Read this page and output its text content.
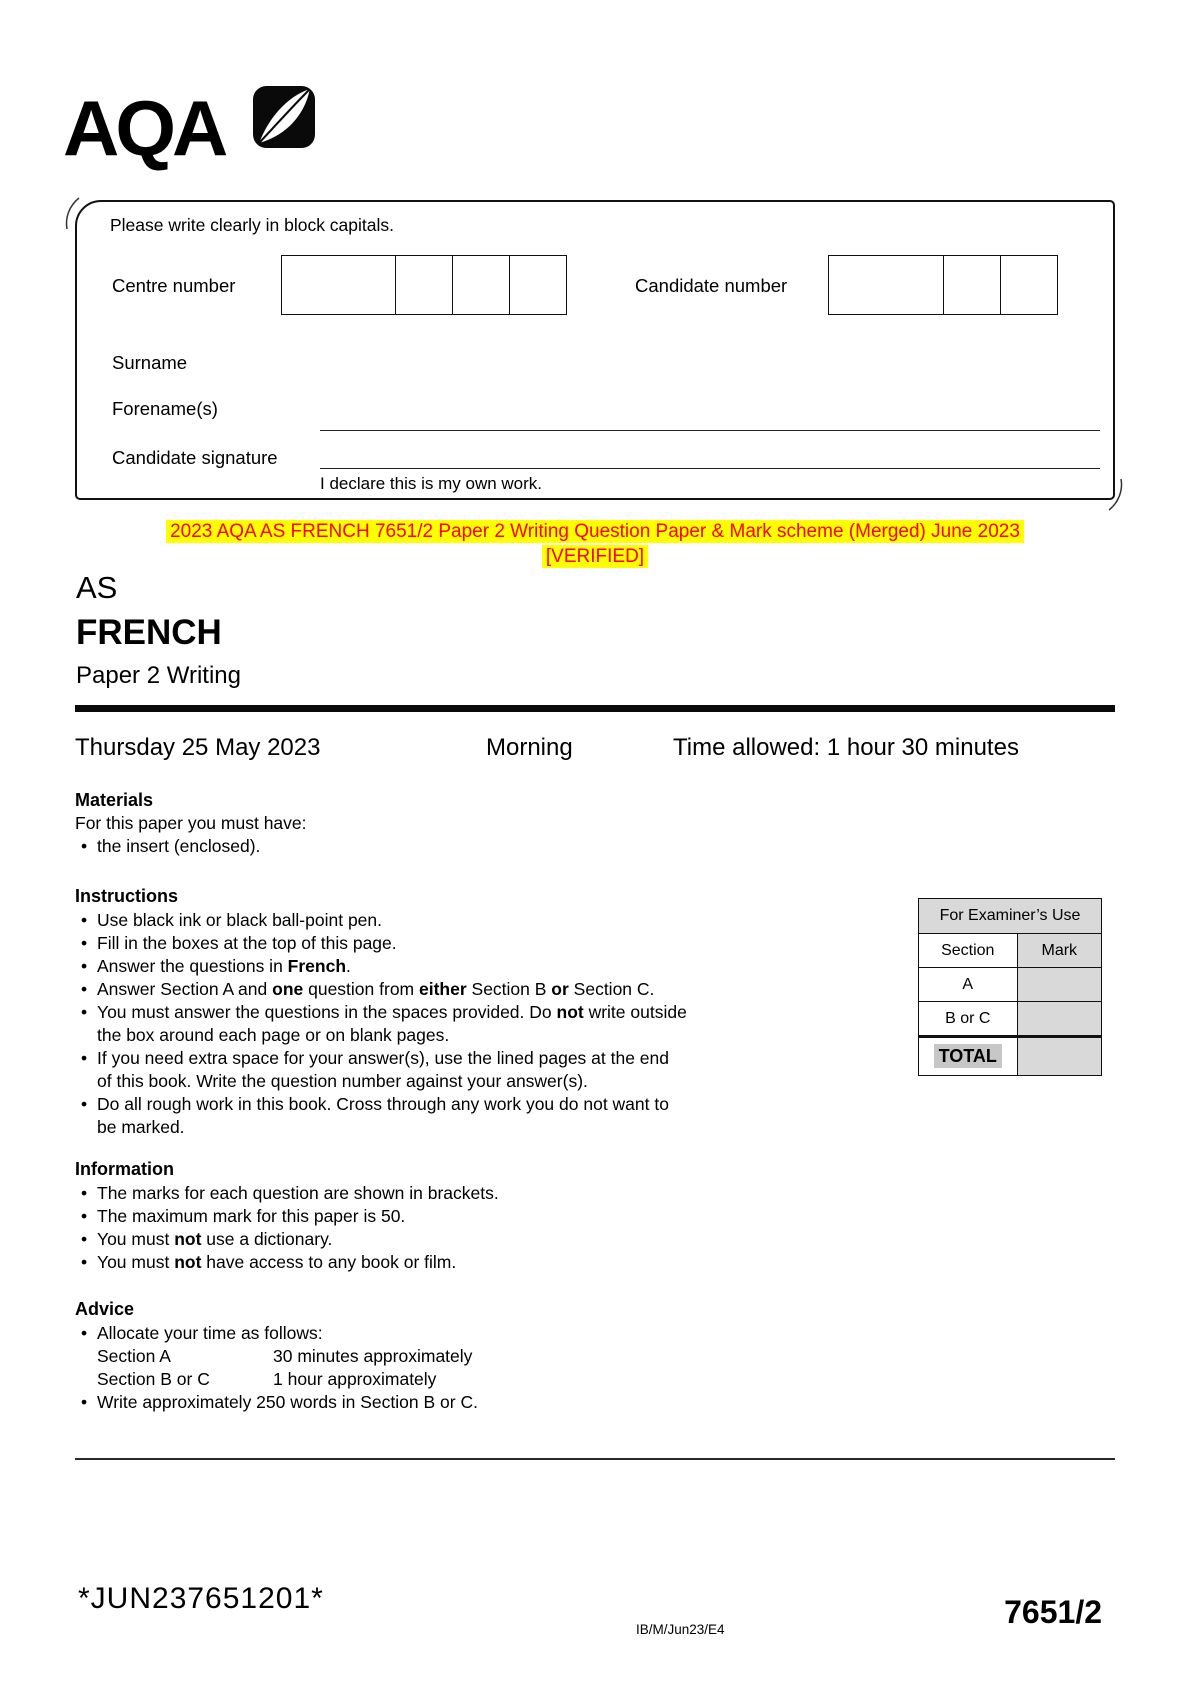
AQA
Please write clearly in block capitals.
Centre number	Candidate number
Surname
Forename(s)
Candidate signature
I declare this is my own work.
2023 AQA AS FRENCH 7651/2 Paper 2 Writing Question Paper & Mark scheme (Merged) June 2023
[VERIFIED]
AS
FRENCH
Paper 2 Writing
Thursday 25 May 2023	Morning	Time allowed: 1 hour 30 minutes
Materials

For this paper you must have:

• the insert (enclosed).
Instructions
• Use black ink or black ball-point pen.
• Fill in the boxes at the top of this page.
• Answer the questions in French.
• Answer Section A and one question from either Section B or Section C.
• You must answer the questions in the spaces provided. Do not write outside
the box around each page or on blank pages.
• If you need extra space for your answer(s), use the lined pages at the end
of this book. Write the question number against your answer(s).
• Do all rough work in this book. Cross through any work you do not want to
be marked.
Information
• The marks for each question are shown in brackets.
• The maximum mark for this paper is 50.
• You must not use a dictionary.
• You must not have access to any book or film.
Advice
• Allocate your time as follows:
Section A	30 minutes approximately
Section B or C	1 hour approximately
• Write approximately 250 words in Section B or C.
For Examiner’s Use	
Section	Mark
A	
B or C	
TOTAL	
*JUN237651201*
IB/M/Jun23/E4	7651/2
